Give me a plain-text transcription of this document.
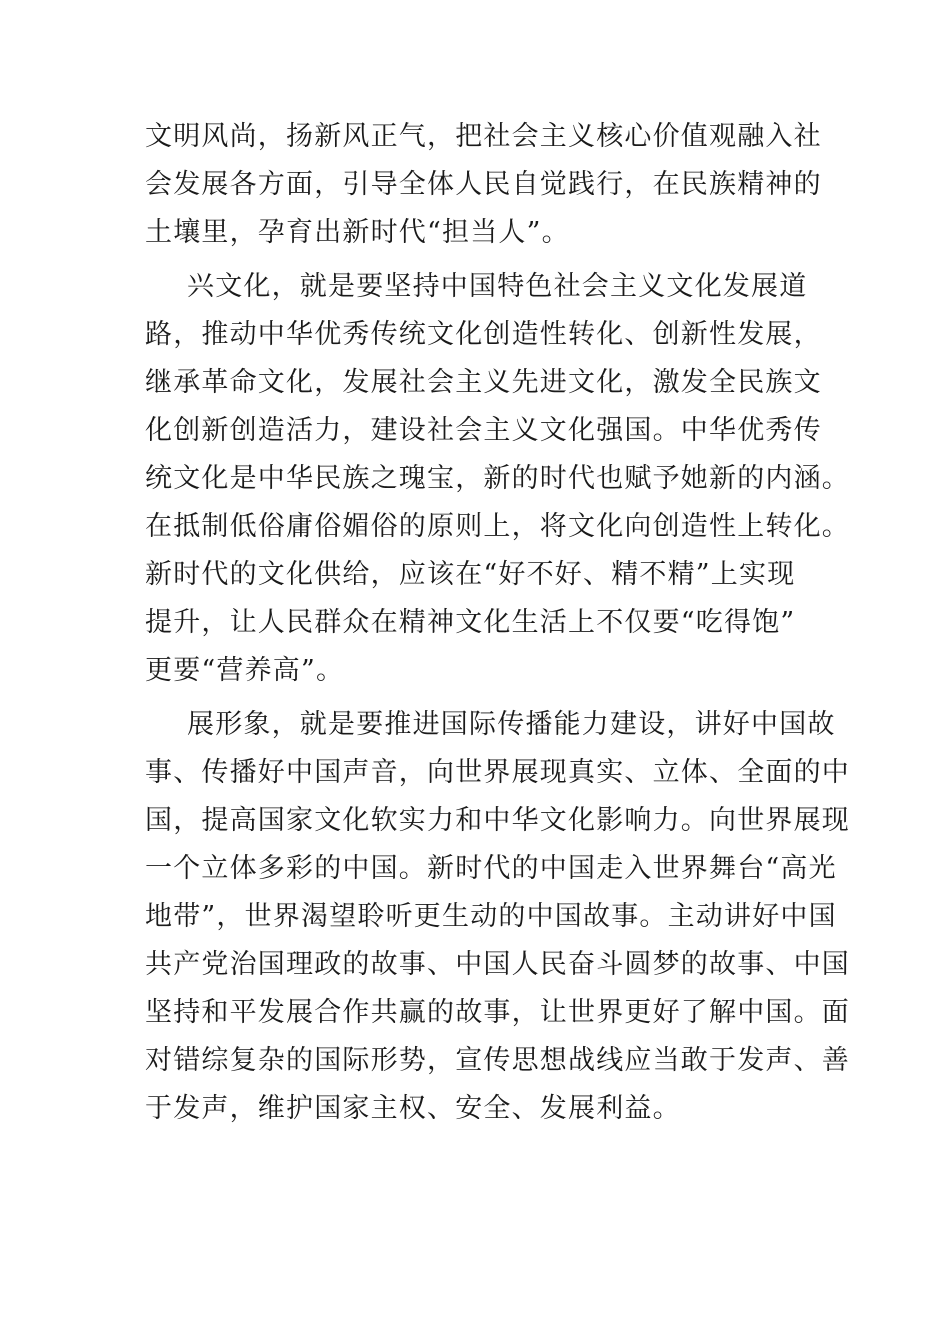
文明风尚，扬新风正气，把社会主义核心价值观融入社
会发展各方面，引导全体人民自觉践行，在民族精神的
土壤里，孕育出新时代“担当人”。
兴文化，就是要坚持中国特色社会主义文化发展道
路，推动中华优秀传统文化创造性转化、创新性发展，
继承革命文化，发展社会主义先进文化，激发全民族文
化创新创造活力，建设社会主义文化强国。中华优秀传
统文化是中华民族之瑰宝，新的时代也赋予她新的内涵。
在抵制低俗庸俗媚俗的原则上，将文化向创造性上转化。
新时代的文化供给，应该在“好不好、精不精”上实现
提升，让人民群众在精神文化生活上不仅要“吃得饱”
更要“营养高”。
展形象，就是要推进国际传播能力建设，讲好中国故
事、传播好中国声音，向世界展现真实、立体、全面的中
国，提高国家文化软实力和中华文化影响力。向世界展现
一个立体多彩的中国。新时代的中国走入世界舞台“高光
地带”，世界渴望聆听更生动的中国故事。主动讲好中国
共产党治国理政的故事、中国人民奋斗圆梦的故事、中国
坚持和平发展合作共赢的故事，让世界更好了解中国。面
对错综复杂的国际形势，宣传思想战线应当敢于发声、善
于发声，维护国家主权、安全、发展利益。
